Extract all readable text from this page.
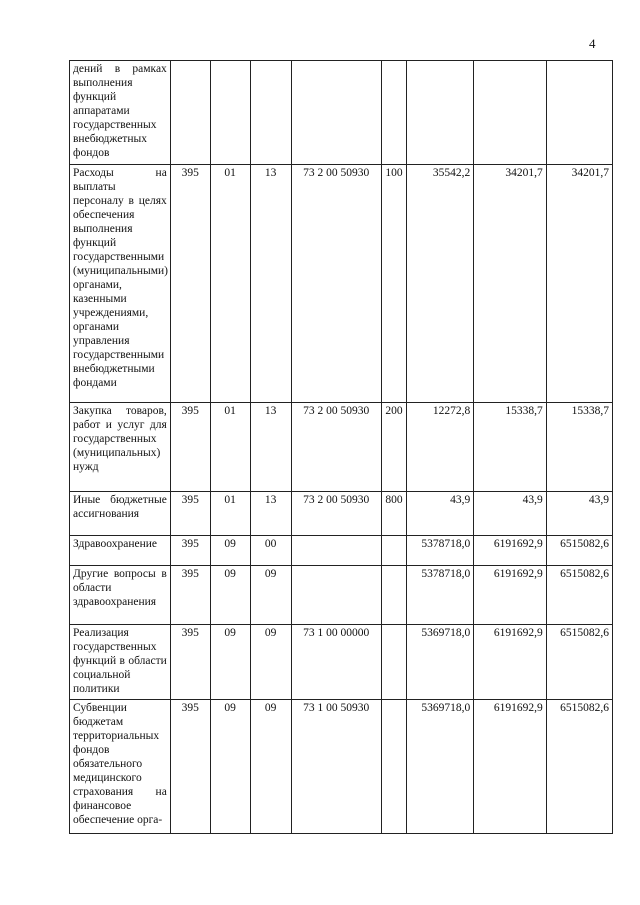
4
дений в рамках выполнения функций аппаратами государственных внебюджетных фондов								
Расходы на выплаты персоналу в целях обеспечения выполнения функций государственными (муниципальными) органами, казенными учреждениями, органами управления государственными внебюджетными фондами	395	01	13	73 2 00 50930	100	35542,2	34201,7	34201,7
Закупка товаров, работ и услуг для государственных (муниципальных) нужд	395	01	13	73 2 00 50930	200	12272,8	15338,7	15338,7
Иные бюджетные ассигнования	395	01	13	73 2 00 50930	800	43,9	43,9	43,9
Здравоохранение	395	09	00			5378718,0	6191692,9	6515082,6
Другие вопросы в области здравоохранения	395	09	09			5378718,0	6191692,9	6515082,6
Реализация государственных функций в области социальной политики	395	09	09	73 1 00 00000		5369718,0	6191692,9	6515082,6
Субвенции бюджетам территориальных фондов обязательного медицинского страхования на финансовое обеспечение орга-	395	09	09	73 1 00 50930		5369718,0	6191692,9	6515082,6
